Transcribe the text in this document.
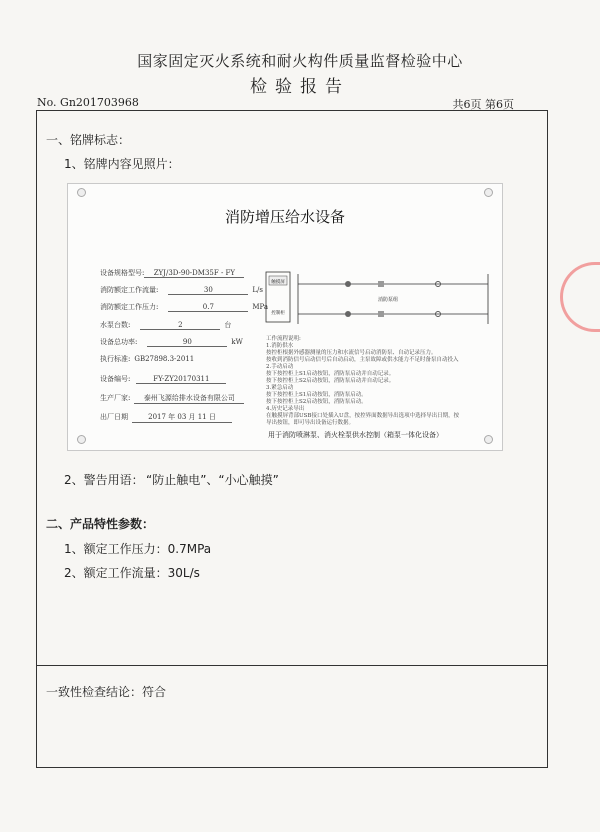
国家固定灭火系统和耐火构件质量监督检验中心
检验报告
No. Gn201703968	共6页 第6页
一、铭牌标志：
1、铭牌内容见照片：
消防增压给水设备
设备规格型号: ZYJ/3D-90-DM35F - FY
消防额定工作流量:	30	L/s
消防额定工作压力:	0.7	MPa
水泵台数:	2	台
设备总功率:	90	kW
执行标准: GB27898.3-2011
设备编号:	FY-ZY20170311
生产厂家: 泰州飞源给排水设备有限公司
出厂日期	2017 年 03 月 11 日
触摸屏
控制柜
消防泵组
工作流程说明:
1.消防供水
按控柜根据外感器测量的压力和水流信号启动消防泵、自动记录压力。
按收到消防信号启动信号后自动启动，主泵故障或供水能力不足时备泵自动投入
2.手动启动
按下按控柜上S1启动按钮，消防泵启动并自动记录。
按下按控柜上S2启动按钮，消防泵启动并自动记录。
3.紧急启动
按下按控柜上S1启动按钮，消防泵启动。
按下按控柜上S2启动按钮，消防泵启动。
4.历史记录导出
在触摸屏背部USB接口处插入U盘，按控界面数据导出选项中选择导出日期，按
导出按钮，即可导出设备运行数据。
用于消防喷淋泵、消火栓泵供水控制（箱泵一体化设备）
2、警告用语： “防止触电”、“小心触摸”
二、产品特性参数：
1、额定工作压力：0.7MPa
2、额定工作流量：30L/s
一致性检查结论：符合
